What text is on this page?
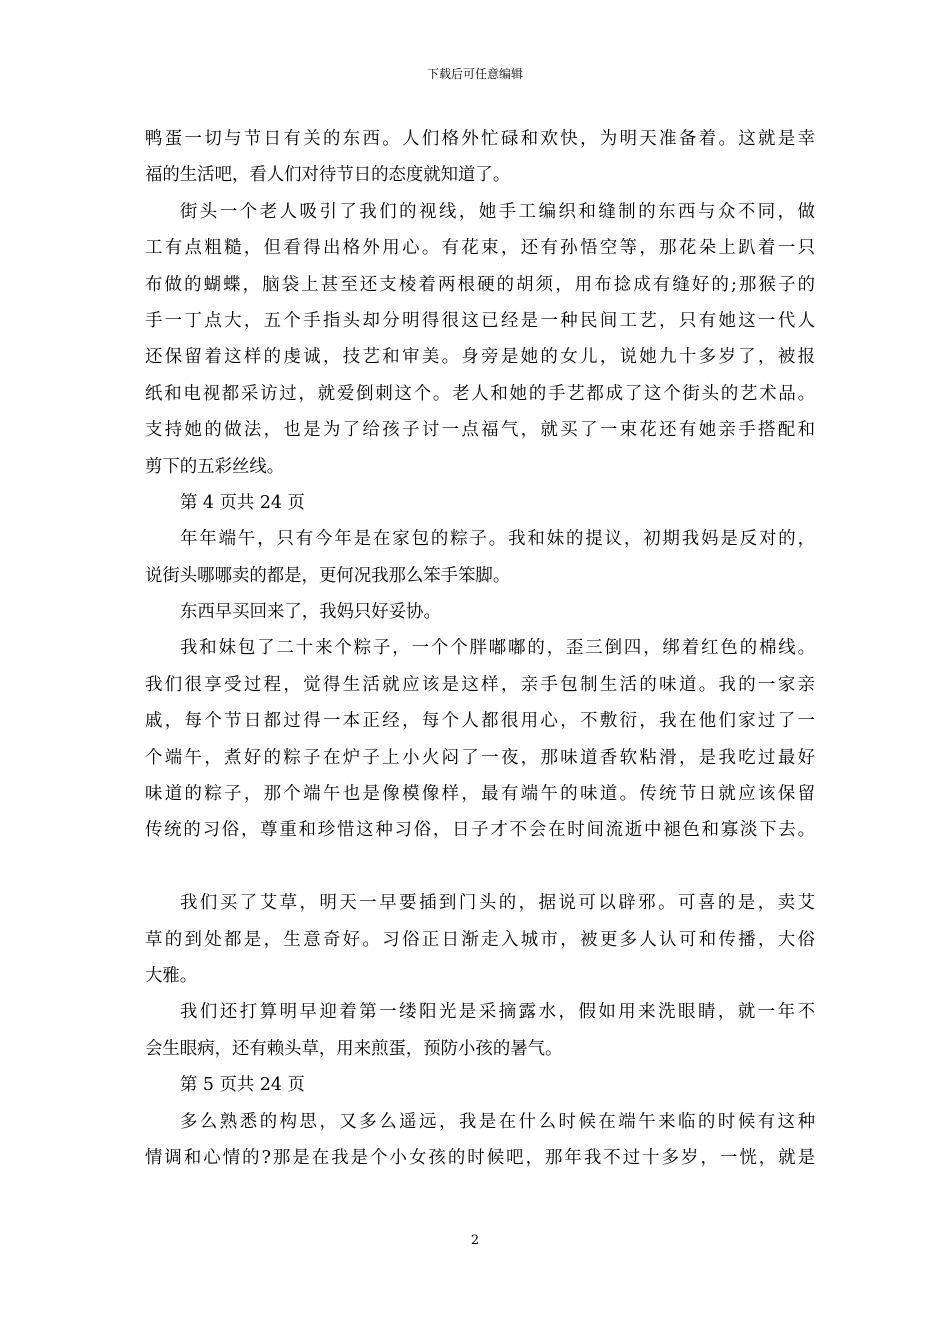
下载后可任意编辑
鸭蛋一切与节日有关的东西。人们格外忙碌和欢快，为明天准备着。这就是幸
福的生活吧，看人们对待节日的态度就知道了。
街头一个老人吸引了我们的视线，她手工编织和缝制的东西与众不同，做
工有点粗糙，但看得出格外用心。有花束，还有孙悟空等，那花朵上趴着一只
布做的蝴蝶，脑袋上甚至还支棱着两根硬的胡须，用布捻成有缝好的;那猴子的
手一丁点大，五个手指头却分明得很这已经是一种民间工艺，只有她这一代人
还保留着这样的虔诚，技艺和审美。身旁是她的女儿，说她九十多岁了，被报
纸和电视都采访过，就爱倒刺这个。老人和她的手艺都成了这个街头的艺术品。
支持她的做法，也是为了给孩子讨一点福气，就买了一束花还有她亲手搭配和
剪下的五彩丝线。
第 4 页共 24 页
年年端午，只有今年是在家包的粽子。我和妹的提议，初期我妈是反对的，
说街头哪哪卖的都是，更何况我那么笨手笨脚。
东西早买回来了，我妈只好妥协。
我和妹包了二十来个粽子，一个个胖嘟嘟的，歪三倒四，绑着红色的棉线。
我们很享受过程，觉得生活就应该是这样，亲手包制生活的味道。我的一家亲
戚，每个节日都过得一本正经，每个人都很用心，不敷衍，我在他们家过了一
个端午，煮好的粽子在炉子上小火闷了一夜，那味道香软粘滑，是我吃过最好
味道的粽子，那个端午也是像模像样，最有端午的味道。传统节日就应该保留
传统的习俗，尊重和珍惜这种习俗，日子才不会在时间流逝中褪色和寡淡下去。
我们买了艾草，明天一早要插到门头的，据说可以辟邪。可喜的是，卖艾
草的到处都是，生意奇好。习俗正日渐走入城市，被更多人认可和传播，大俗
大雅。
我们还打算明早迎着第一缕阳光是采摘露水，假如用来洗眼睛，就一年不
会生眼病，还有赖头草，用来煎蛋，预防小孩的暑气。
第 5 页共 24 页
多么熟悉的构思，又多么遥远，我是在什么时候在端午来临的时候有这种
情调和心情的?那是在我是个小女孩的时候吧，那年我不过十多岁，一恍，就是
2
